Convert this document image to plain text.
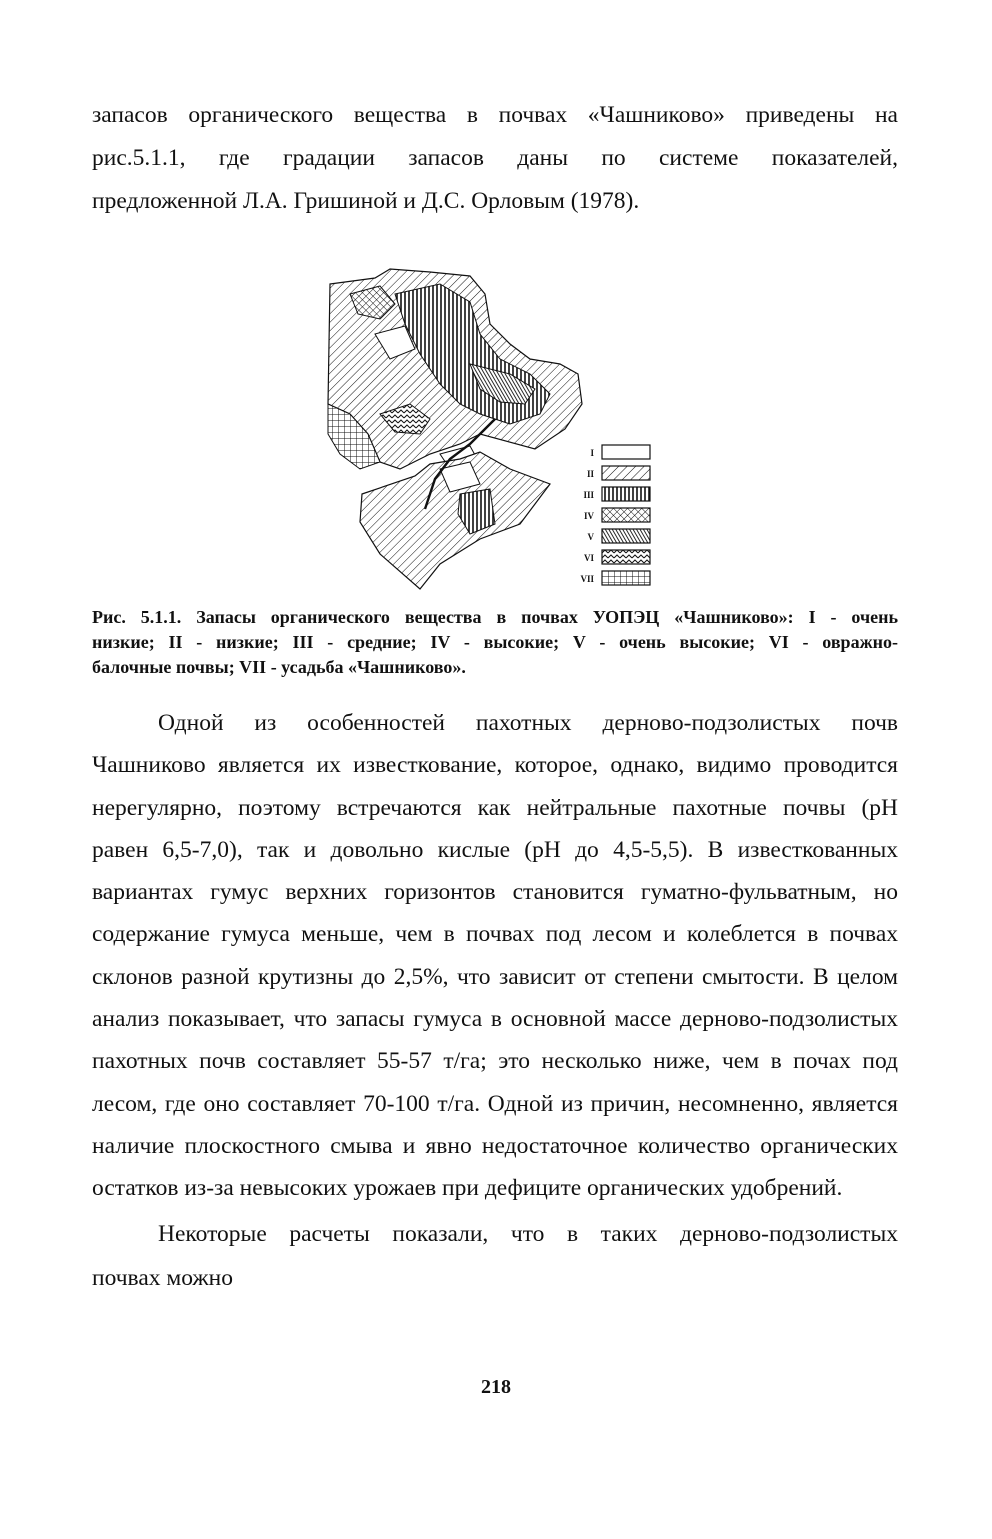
запасов органического вещества в почвах «Чашниково» приведены на
рис.5.1.1, где градации запасов даны по системе показателей,
предложенной Л.А. Гришиной и Д.С. Орловым (1978).
I
II
III
IV
V
VI
VII
Рис. 5.1.1. Запасы органического вещества в почвах УОПЭЦ «Чашниково»: I - очень
низкие; II - низкие; III - средние; IV - высокие; V - очень высокие; VI - овражно-
балочные почвы; VII - усадьба «Чашниково».
Одной из особенностей пахотных дерново-подзолистых почв
Чашниково является их известкование, которое, однако, видимо проводится
нерегулярно, поэтому встречаются как нейтральные пахотные почвы (pH
равен 6,5-7,0), так и довольно кислые (pH до 4,5-5,5). В известкованных
вариантах гумус верхних горизонтов становится гуматно-фульватным, но
содержание гумуса меньше, чем в почвах под лесом и колеблется в почвах
склонов разной крутизны до 2,5%, что зависит от степени смытости. В целом
анализ показывает, что запасы гумуса в основной массе дерново-подзолистых
пахотных почв составляет 55-57 т/га; это несколько ниже, чем в почах под
лесом, где оно составляет 70-100 т/га. Одной из причин, несомненно, является
наличие плоскостного смыва и явно недостаточное количество органических
остатков из-за невысоких урожаев при дефиците органических удобрений.
Некоторые расчеты показали, что в таких дерново-подзолистых
почвах можно
218
